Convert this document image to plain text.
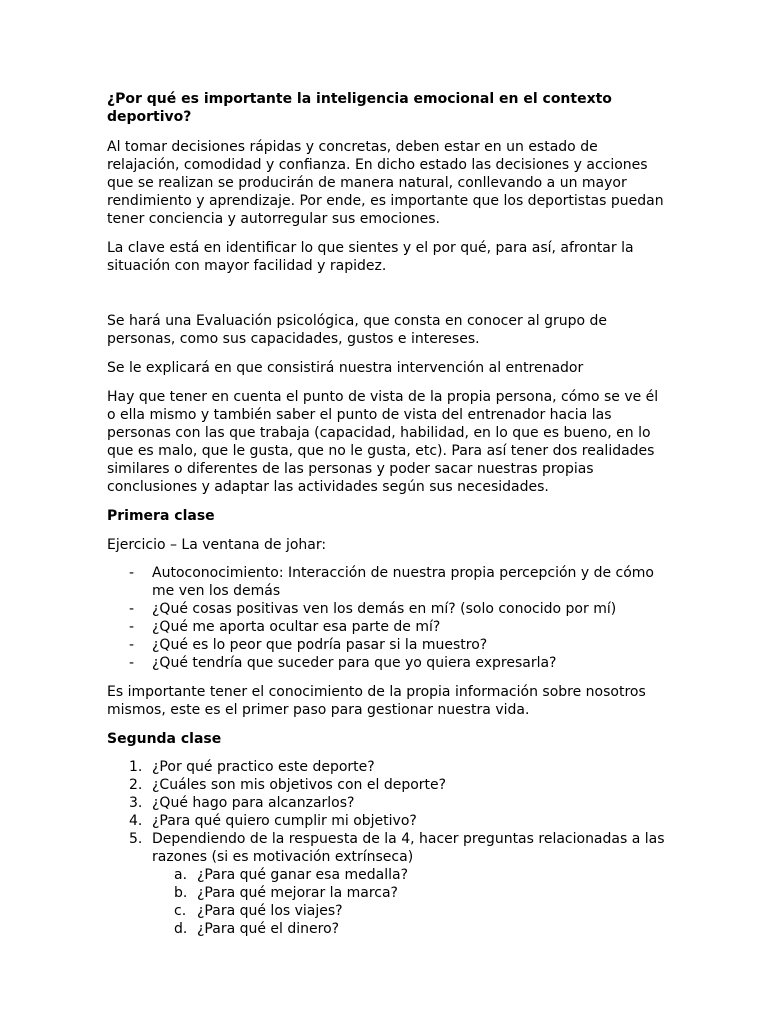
¿Por qué es importante la inteligencia emocional en el contexto deportivo?

Al tomar decisiones rápidas y concretas, deben estar en un estado de relajación, comodidad y confianza. En dicho estado las decisiones y acciones que se realizan se producirán de manera natural, conllevando a un mayor rendimiento y aprendizaje. Por ende, es importante que los deportistas puedan tener conciencia y autorregular sus emociones.

La clave está en identificar lo que sientes y el por qué, para así, afrontar la situación con mayor facilidad y rapidez.

Se hará una Evaluación psicológica, que consta en conocer al grupo de personas, como sus capacidades, gustos e intereses.

Se le explicará en que consistirá nuestra intervención al entrenador

Hay que tener en cuenta el punto de vista de la propia persona, cómo se ve él o ella mismo y también saber el punto de vista del entrenador hacia las personas con las que trabaja (capacidad, habilidad, en lo que es bueno, en lo que es malo, que le gusta, que no le gusta, etc). Para así tener dos realidades similares o diferentes de las personas y poder sacar nuestras propias conclusiones y adaptar las actividades según sus necesidades.

Primera clase

Ejercicio – La ventana de johar:

- Autoconocimiento: Interacción de nuestra propia percepción y de cómo me ven los demás
- ¿Qué cosas positivas ven los demás en mí? (solo conocido por mí)
- ¿Qué me aporta ocultar esa parte de mí?
- ¿Qué es lo peor que podría pasar si la muestro?
- ¿Qué tendría que suceder para que yo quiera expresarla?

Es importante tener el conocimiento de la propia información sobre nosotros mismos, este es el primer paso para gestionar nuestra vida.

Segunda clase

1. ¿Por qué practico este deporte?
2. ¿Cuáles son mis objetivos con el deporte?
3. ¿Qué hago para alcanzarlos?
4. ¿Para qué quiero cumplir mi objetivo?
5. Dependiendo de la respuesta de la 4, hacer preguntas relacionadas a las razones (si es motivación extrínseca)
a. ¿Para qué ganar esa medalla?
b. ¿Para qué mejorar la marca?
c. ¿Para qué los viajes?
d. ¿Para qué el dinero?
